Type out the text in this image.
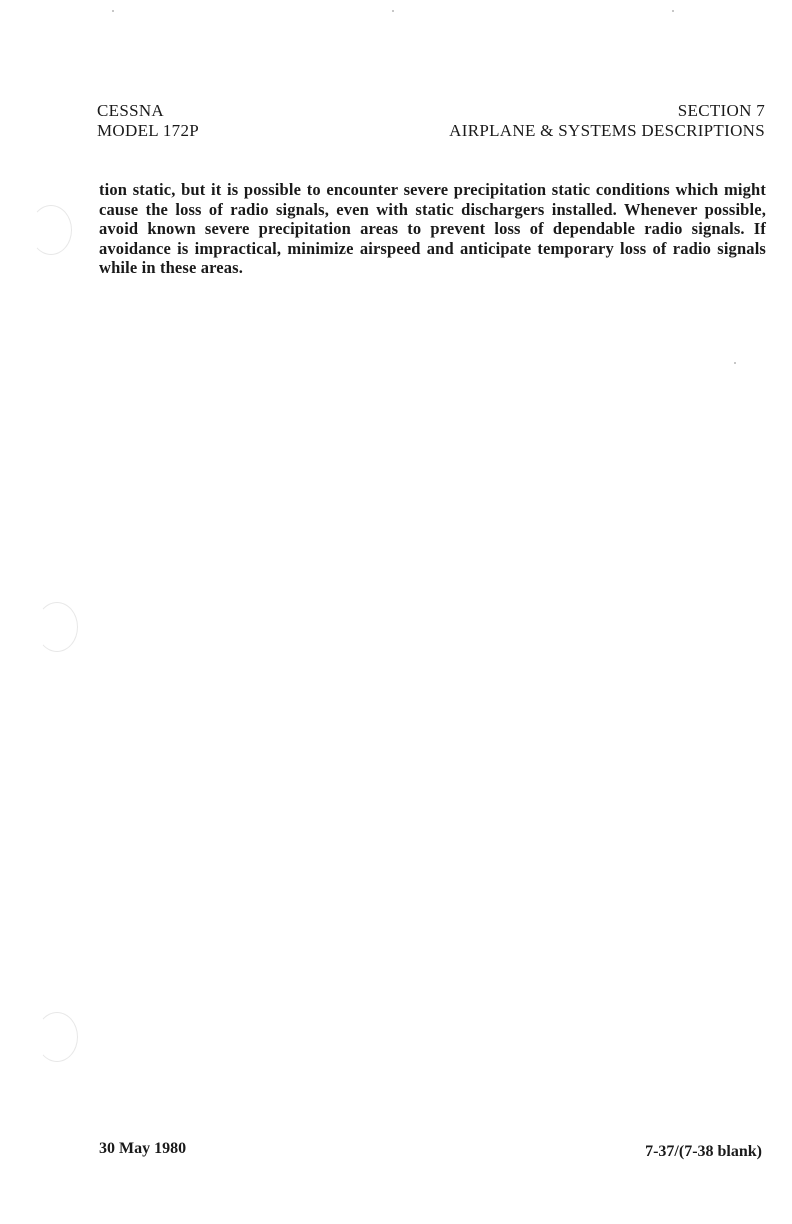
CESSNA	SECTION 7
MODEL 172P	AIRPLANE & SYSTEMS DESCRIPTIONS

tion static, but it is possible to encounter severe precipitation static conditions which might cause the loss of radio signals, even with static dischargers installed. Whenever possible, avoid known severe precipitation areas to prevent loss of dependable radio signals. If avoidance is impractical, minimize airspeed and anticipate temporary loss of radio signals while in these areas.

30 May 1980	7-37/(7-38 blank)
